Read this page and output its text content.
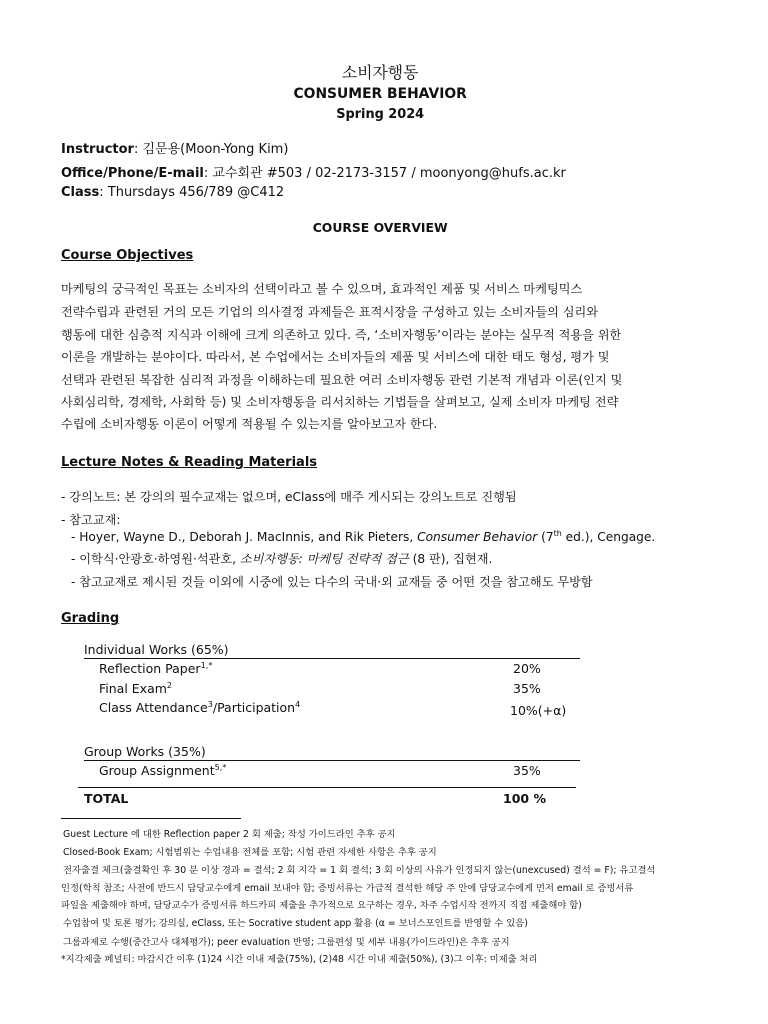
소비자행동
CONSUMER BEHAVIOR
Spring 2024
Instructor: 김문용(Moon-Yong Kim)
Office/Phone/E-mail: 교수회관 #503 / 02-2173-3157 / moonyong@hufs.ac.kr
Class: Thursdays 456/789 @C412
COURSE OVERVIEW
Course Objectives
마케팅의 궁극적인 목표는 소비자의 선택이라고 볼 수 있으며, 효과적인 제품 및 서비스 마케팅믹스
전략수립과 관련된 거의 모든 기업의 의사결정 과제들은 표적시장을 구성하고 있는 소비자들의 심리와
행동에 대한 심층적 지식과 이해에 크게 의존하고 있다. 즉, ‘소비자행동’이라는 분야는 실무적 적용을 위한
이론을 개발하는 분야이다. 따라서, 본 수업에서는 소비자들의 제품 및 서비스에 대한 태도 형성, 평가 및
선택과 관련된 복잡한 심리적 과정을 이해하는데 필요한 여러 소비자행동 관련 기본적 개념과 이론(인지 및
사회심리학, 경제학, 사회학 등) 및 소비자행동을 리서치하는 기법들을 살펴보고, 실제 소비자 마케팅 전략
수립에 소비자행동 이론이 어떻게 적용될 수 있는지를 알아보고자 한다.
Lecture Notes & Reading Materials
- 강의노트: 본 강의의 필수교재는 없으며, eClass에 매주 게시되는 강의노트로 진행됨
- 참고교재:
- Hoyer, Wayne D., Deborah J. MacInnis, and Rik Pieters, Consumer Behavior (7th ed.), Cengage.
- 이학식·안광호·하영원·석관호, 소비자행동: 마케팅 전략적 접근 (8 판), 집현재.
- 참고교재로 제시된 것들 이외에 시중에 있는 다수의 국내·외 교재들 중 어떤 것을 참고해도 무방함
Grading
Individual Works (65%)
Reflection Paper$^{1,*}$	20%
Final Exam$^2$	35%
Class Attendance$^3$/Participation$^4$	10%(+α)
Group Works (35%)
Group Assignment$^{5,*}$	35%
TOTAL	100 %
Guest Lecture 에 대한 Reflection paper 2 회 제출; 작성 가이드라인 추후 공지
Closed-Book Exam; 시험범위는 수업내용 전체를 포함; 시험 관련 자세한 사항은 추후 공지
전자출결 체크(출결확인 후 30 분 이상 경과 = 결석; 2 회 지각 = 1 회 결석; 3 회 이상의 사유가 인정되지 않는(unexcused) 결석 = F); 유고결석
인정(학칙 참조; 사전에 반드시 담당교수에게 email 보내야 함; 증빙서류는 가급적 결석한 해당 주 안에 담당교수에게 먼저 email 로 증빙서류
파일을 제출해야 하며, 담당교수가 증빙서류 하드카피 제출을 추가적으로 요구하는 경우, 차주 수업시작 전까지 직접 제출해야 함)
수업참여 및 토론 평가; 강의실, eClass, 또는 Socrative student app 활용 (α = 보너스포인트를 반영할 수 있음)
그룹과제로 수행(중간고사 대체평가); peer evaluation 반영; 그룹편성 및 세부 내용(가이드라인)은 추후 공지
*지각제출 페널티: 마감시간 이후 (1)24 시간 이내 제출(75%), (2)48 시간 이내 제출(50%), (3)그 이후: 미제출 처리
